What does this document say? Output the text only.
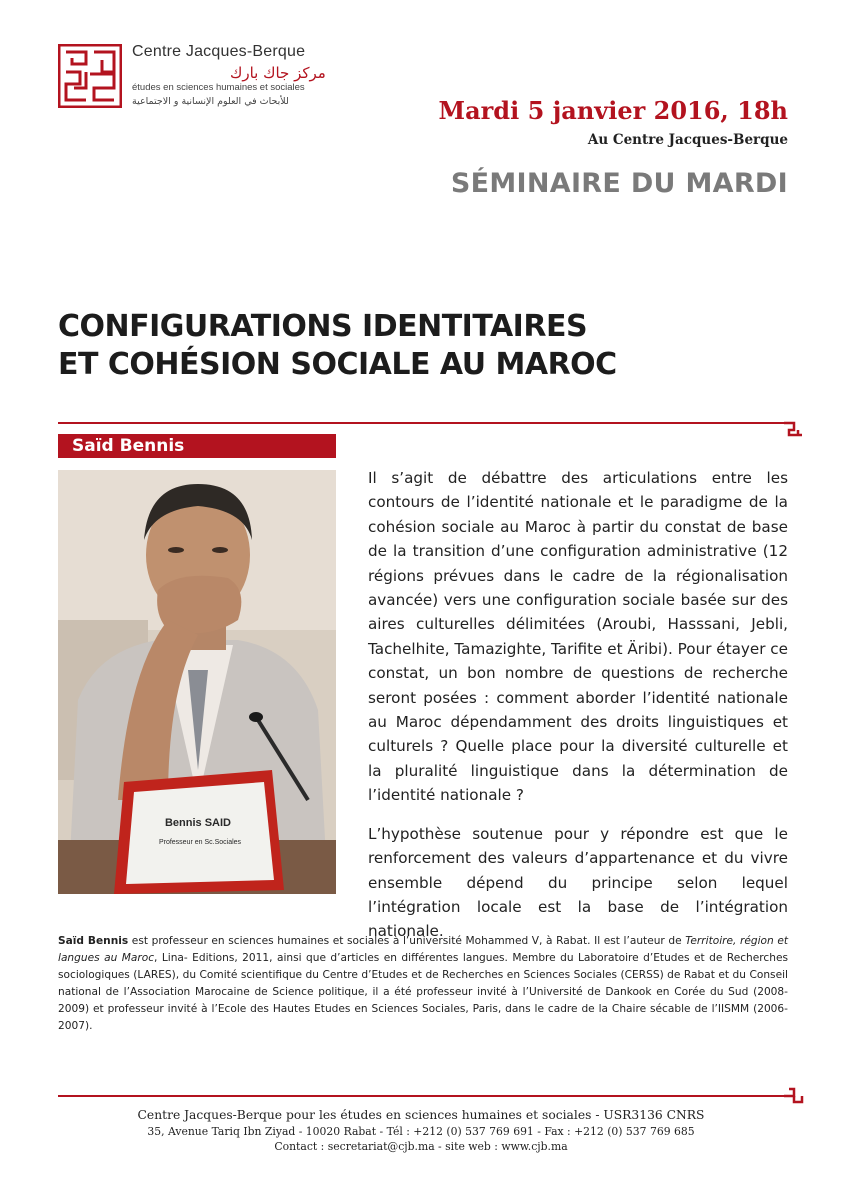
Centre Jacques-Berque
مركز جاك بارك
études en sciences humaines et sociales
للأبحاث في العلوم الإنسانية و الاجتماعية	Mardi 5 janvier 2016, 18h
Au Centre Jacques-Berque
SÉMINAIRE DU MARDI
CONFIGURATIONS IDENTITAIRES
ET COHÉSION SOCIALE AU MAROC
Saïd Bennis
Bennis SAID
Professeur en Sc.Sociales

Il s’agit de débattre des articulations entre les contours de l’identité nationale et le paradigme de la cohésion sociale au Maroc à partir du constat de base de la transition d’une configuration administrative (12 régions prévues dans le cadre de la régionalisation avancée) vers une configuration sociale basée sur des aires culturelles délimitées (Aroubi, Hasssani, Jebli, Tachelhite, Tamazighte, Tarifite et Äribi). Pour étayer ce constat, un bon nombre de questions de recherche seront posées : comment aborder l’identité nationale au Maroc dépendamment des droits linguistiques et culturels ? Quelle place pour la diversité culturelle et la pluralité linguistique dans la détermination de l’identité nationale ?

L’hypothèse soutenue pour y répondre est que le renforcement des valeurs d’appartenance et du vivre ensemble dépend du principe selon lequel l’intégration locale est la base de l’intégration nationale.

Saïd Bennis est professeur en sciences humaines et sociales à l’université Mohammed V, à Rabat. Il est l’auteur de Territoire, région et langues au Maroc, Lina- Editions, 2011, ainsi que d’articles en différentes langues. Membre du Laboratoire d’Etudes et de Recherches sociologiques (LARES), du Comité scientifique du Centre d’Etudes et de Recherches en Sciences Sociales (CERSS) de Rabat et du Conseil national de l’Association Marocaine de Science politique, il a été professeur invité à l’Université de Dankook en Corée du Sud (2008-2009) et professeur invité à l’Ecole des Hautes Etudes en Sciences Sociales, Paris, dans le cadre de la Chaire sécable de l’IISMM (2006-2007).
Centre Jacques-Berque pour les études en sciences humaines et sociales - USR3136 CNRS
35, Avenue Tariq Ibn Ziyad - 10020 Rabat - Tél : +212 (0) 537 769 691 - Fax : +212 (0) 537 769 685
Contact : secretariat@cjb.ma - site web : www.cjb.ma
